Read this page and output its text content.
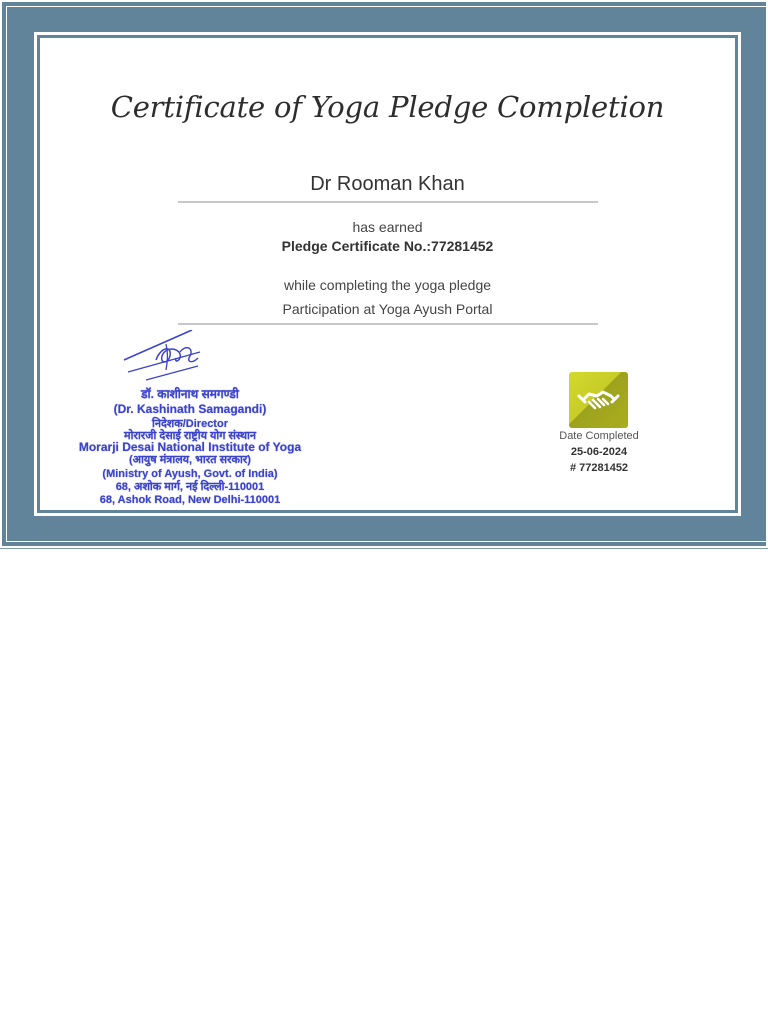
Certificate of Yoga Pledge Completion
Dr Rooman Khan
has earned
Pledge Certificate No.:77281452
while completing the yoga pledge
Participation at Yoga Ayush Portal
डॉ. काशीनाथ समगण्डी
(Dr. Kashinath Samagandi)
निदेशक/Director
मोरारजी देसाई राष्ट्रीय योग संस्थान
Morarji Desai National Institute of Yoga
(आयुष मंत्रालय, भारत सरकार)
(Ministry of Ayush, Govt. of India)
68, अशोक मार्ग, नई दिल्ली-110001
68, Ashok Road, New Delhi-110001
Date Completed
25-06-2024
# 77281452
